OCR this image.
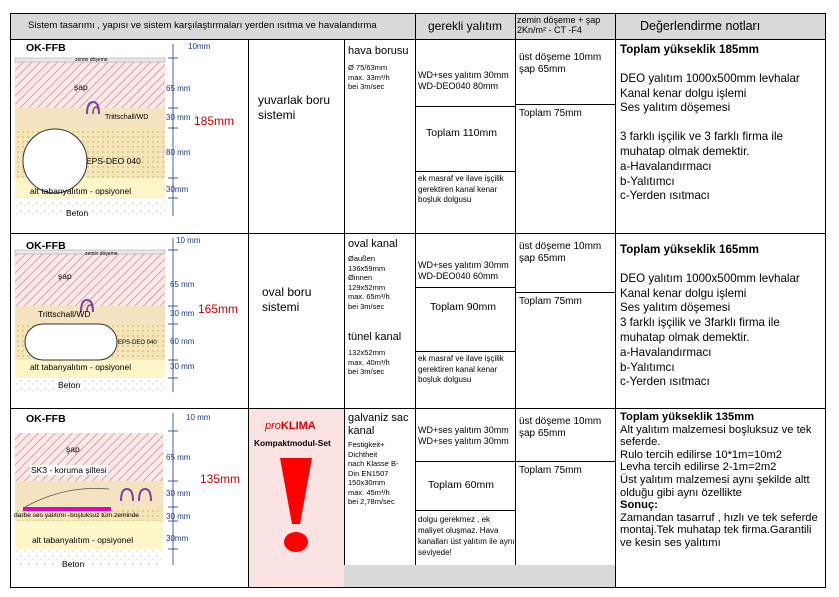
Sistem tasarımı , yapısı ve sistem karşılaştırmaları yerden ısıtma ve havalandırma	gerekli yalıtım zemin döşeme + şap 2Kn/m² - CT -F4	Değerlendirme notları
OK-FFB
zemin döşeme
şap
Trittschall/WD
EPS-DEO 040
alt tabanyalıtım - opsiyonel
Beton
10mm
65 mm
30 mm
80 mm
30mm
185mm
yuvarlak boru sistemi
hava borusu
Ø 75/63mm
max. 33m³/h
bei 3m/sec
WD+ses yalıtım 30mm
WD-DEO040 80mm
Toplam 110mm
ek masraf ve ilave işçilik gerektiren kanal kenar boşluk dolgusu
üst döşeme 10mm
şap 65mm
Toplam 75mm
Toplam yükseklik 185mm
DEO yalıtım 1000x500mm levhalar
Kanal kenar dolgu işlemi
Ses yalıtım döşemesi
3 farklı işçilik ve 3 farklı firma ile muhatap olmak demektir.
a-Havalandırmacı
b-Yalıtımcı
c-Yerden ısıtmacı
OK-FFB
zemin döşeme
şap
Trittschall/WD
EPS-DEO 040
alt tabanyalıtım - opsiyonel
Beton
10 mm
65 mm
30 mm
60 mm
30 mm
165mm
oval boru sistemi
oval kanal
Øaußen
136x59mm
Øinnen
129x52mm
max. 65m³/h
bei 3m/sec
tünel kanal
132x52mm
max. 40m³/h
bei 3m/sec
WD+ses yalıtım 30mm
WD-DEO040 60mm
Toplam 90mm
ek masraf ve ilave işçilik gerektiren kanal kenar boşluk dolgusu
üst döşeme 10mm
şap 65mm
Toplam 75mm
Toplam yükseklik 165mm
DEO yalıtım 1000x500mm levhalar
Kanal kenar dolgu işlemi
Ses yalıtım döşemesi
3 farklı işçilik ve 3farklı firma ile muhatap olmak demektir.
a-Havalandırmacı
b-Yalıtımcı
c-Yerden ısıtmacı
OK-FFB
şap
SK3 - koruma şiltesi
darbe ses yalıtımı -boşluksuz tüm zeminde
alt tabanyalıtım - opsiyonel
Beton
10 mm
65 mm
30 mm
30 mm
30mm
135mm
proKLIMA
Kompaktmodul-Set
galvaniz sac kanal
Festigkeit+
Dichtheit
nach Klasse B-
Din EN1507
150x30mm
max. 45m³/h
bei 2,78m/sec
WD+ses yalıtım 30mm
WD+ses yalıtım 30mm
Toplam 60mm
dolgu gerekmez , ek maliyet oluşmaz. Hava kanalları üst yalıtım ile aynı seviyede!
üst döşeme 10mm
şap 65mm
Toplam 75mm
Toplam yükseklik 135mm
Alt yalıtım malzemesi boşluksuz ve tek seferde.
Rulo tercih edilirse 10*1m=10m2
Levha tercih edilirse 2-1m=2m2
Üst yalıtım malzemesi aynı şekilde altt olduğu gibi aynı özellikte
Sonuç:
Zamandan tasarruf , hızlı ve tek seferde montaj.Tek muhatap tek firma.Garantili ve kesin ses yalıtımı
